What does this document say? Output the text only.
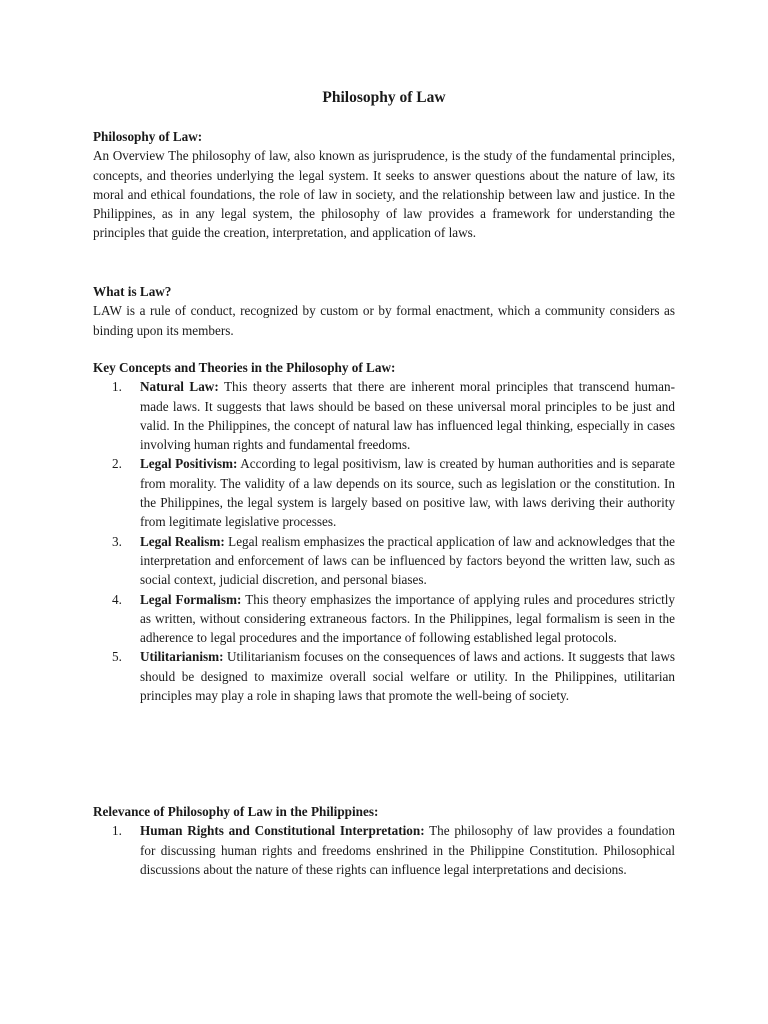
Philosophy of Law
Philosophy of Law:
An Overview The philosophy of law, also known as jurisprudence, is the study of the fundamental principles, concepts, and theories underlying the legal system. It seeks to answer questions about the nature of law, its moral and ethical foundations, the role of law in society, and the relationship between law and justice. In the Philippines, as in any legal system, the philosophy of law provides a framework for understanding the principles that guide the creation, interpretation, and application of laws.
What is Law?
LAW is a rule of conduct, recognized by custom or by formal enactment, which a community considers as binding upon its members.
Key Concepts and Theories in the Philosophy of Law:
1. Natural Law: This theory asserts that there are inherent moral principles that transcend human-made laws. It suggests that laws should be based on these universal moral principles to be just and valid. In the Philippines, the concept of natural law has influenced legal thinking, especially in cases involving human rights and fundamental freedoms.
2. Legal Positivism: According to legal positivism, law is created by human authorities and is separate from morality. The validity of a law depends on its source, such as legislation or the constitution. In the Philippines, the legal system is largely based on positive law, with laws deriving their authority from legitimate legislative processes.
3. Legal Realism: Legal realism emphasizes the practical application of law and acknowledges that the interpretation and enforcement of laws can be influenced by factors beyond the written law, such as social context, judicial discretion, and personal biases.
4. Legal Formalism: This theory emphasizes the importance of applying rules and procedures strictly as written, without considering extraneous factors. In the Philippines, legal formalism is seen in the adherence to legal procedures and the importance of following established legal protocols.
5. Utilitarianism: Utilitarianism focuses on the consequences of laws and actions. It suggests that laws should be designed to maximize overall social welfare or utility. In the Philippines, utilitarian principles may play a role in shaping laws that promote the well-being of society.
Relevance of Philosophy of Law in the Philippines:
1. Human Rights and Constitutional Interpretation: The philosophy of law provides a foundation for discussing human rights and freedoms enshrined in the Philippine Constitution. Philosophical discussions about the nature of these rights can influence legal interpretations and decisions.
